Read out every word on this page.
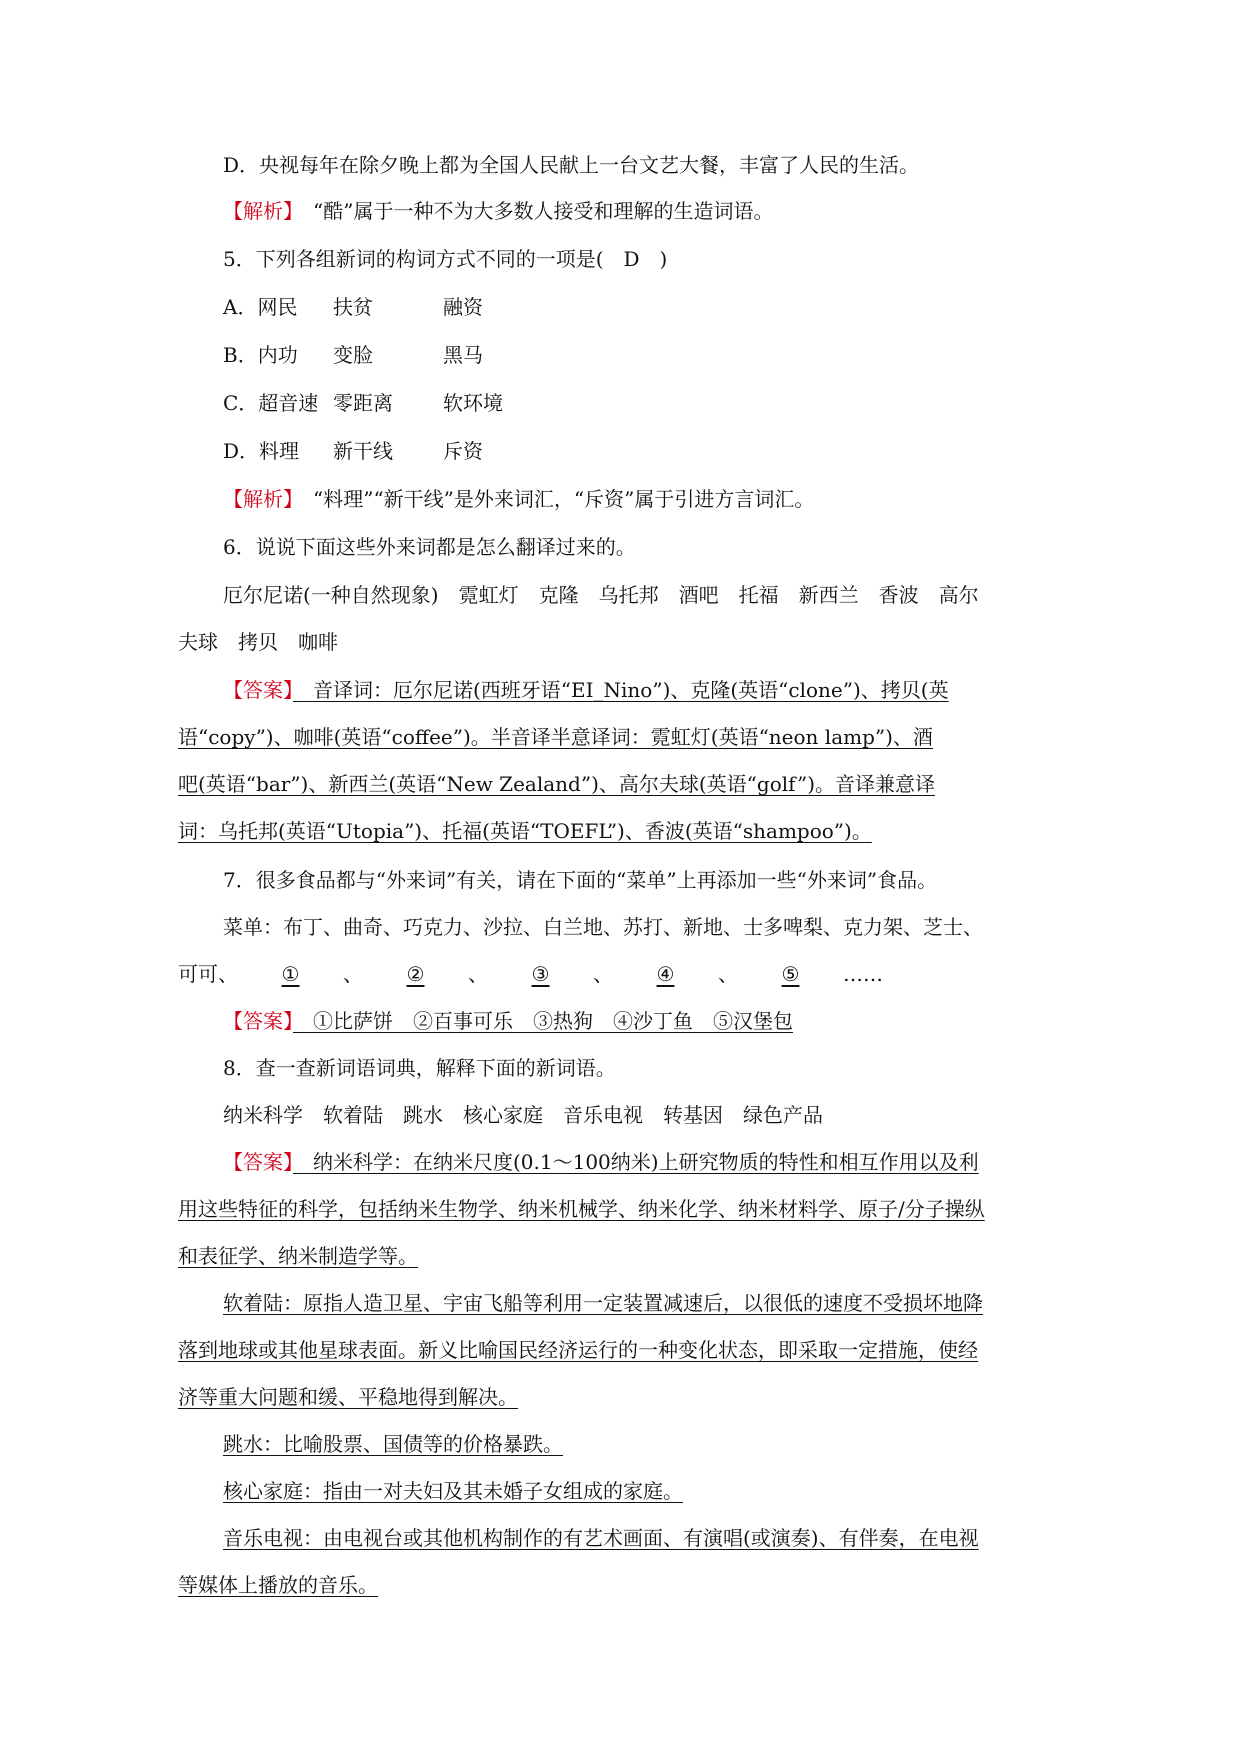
D．央视每年在除夕晚上都为全国人民献上一台文艺大餐，丰富了人民的生活。
【解析】　“酷”属于一种不为大多数人接受和理解的生造词语。
5．下列各组新词的构词方式不同的一项是(　D　)
A．网民 扶贫	融资
B．内功 变脸	黑马
C．超音速 零距离	软环境
D．料理 新干线	斥资
【解析】　“料理”“新干线”是外来词汇，“斥资”属于引进方言词汇。
6．说说下面这些外来词都是怎么翻译过来的。
厄尔尼诺(一种自然现象)　霓虹灯　克隆　乌托邦　酒吧　托福　新西兰　香波　高尔
夫球　拷贝　咖啡
【答案】　音译词：厄尔尼诺(西班牙语“EI_Nino”)、克隆(英语“clone”)、拷贝(英
语“copy”)、咖啡(英语“coffee”)。半音译半意译词：霓虹灯(英语“neon lamp”)、酒
吧(英语“bar”)、新西兰(英语“New Zealand”)、高尔夫球(英语“golf”)。音译兼意译
词：乌托邦(英语“Utopia”)、托福(英语“TOEFL”)、香波(英语“shampoo”)。
7．很多食品都与“外来词”有关，请在下面的“菜单”上再添加一些“外来词”食品。
菜单：布丁、曲奇、巧克力、沙拉、白兰地、苏打、新地、士多啤梨、克力架、芝士、
可可、 ① 、 ② 、 ③ 、 ④ 、 ⑤ ……
【答案】　①比萨饼　②百事可乐　③热狗　④沙丁鱼　⑤汉堡包
8．查一查新词语词典，解释下面的新词语。
纳米科学　软着陆　跳水　核心家庭　音乐电视　转基因　绿色产品
【答案】　纳米科学：在纳米尺度(0.1～100纳米)上研究物质的特性和相互作用以及利
用这些特征的科学，包括纳米生物学、纳米机械学、纳米化学、纳米材料学、原子/分子操纵
和表征学、纳米制造学等。
软着陆：原指人造卫星、宇宙飞船等利用一定装置减速后，以很低的速度不受损坏地降
落到地球或其他星球表面。新义比喻国民经济运行的一种变化状态，即采取一定措施，使经
济等重大问题和缓、平稳地得到解决。
跳水：比喻股票、国债等的价格暴跌。
核心家庭：指由一对夫妇及其未婚子女组成的家庭。
音乐电视：由电视台或其他机构制作的有艺术画面、有演唱(或演奏)、有伴奏，在电视
等媒体上播放的音乐。
